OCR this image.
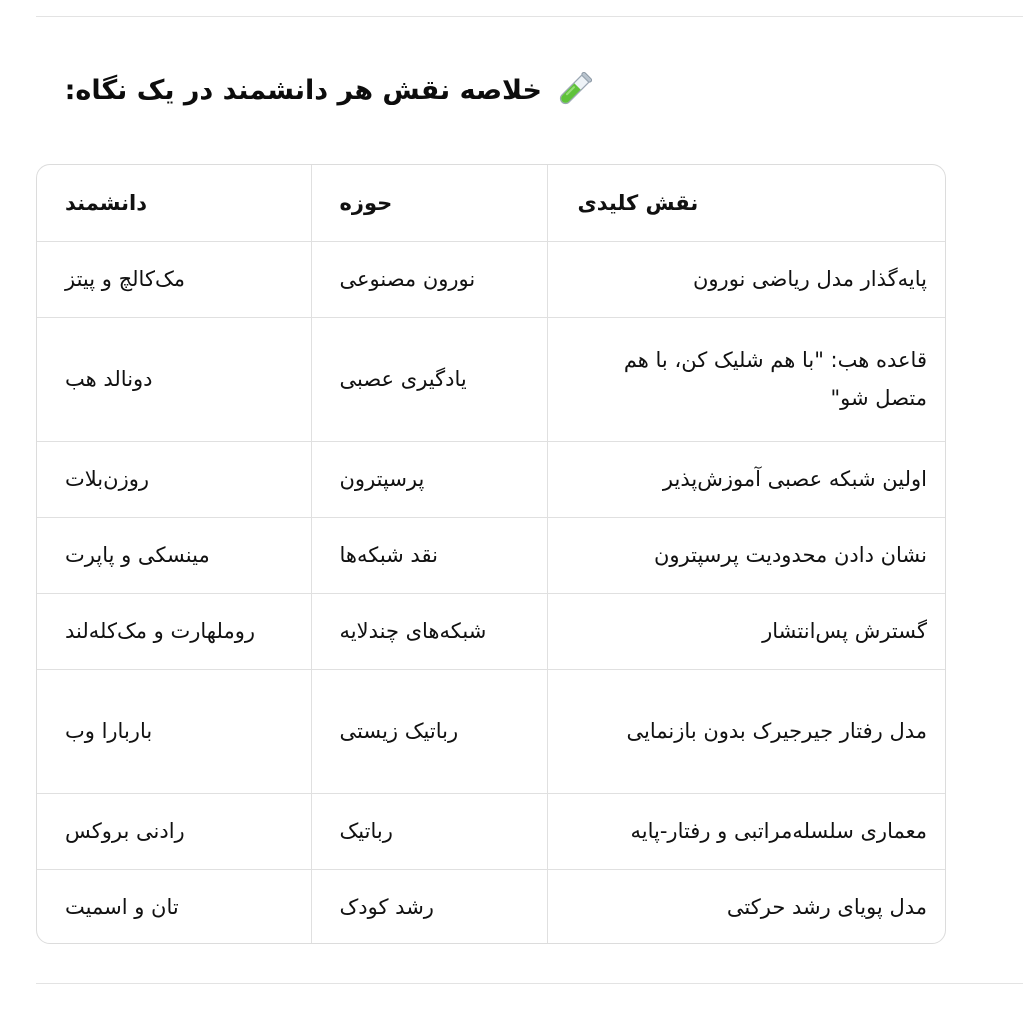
خلاصه نقش هر دانشمند در یک نگاه:
دانشمند	حوزه	نقش کلیدی
مک‌کالچ و پیتز	نورون مصنوعی	پایه‌گذار مدل ریاضی نورون
دونالد هب	یادگیری عصبی	قاعده هب: "با هم شلیک کن، با هم متصل شو"
روزن‌بلات	پرسپترون	اولین شبکه عصبی آموزش‌پذیر
مینسکی و پاپرت	نقد شبکه‌ها	نشان دادن محدودیت پرسپترون
روملهارت و مک‌کله‌لند	شبکه‌های چندلایه	گسترش پس‌انتشار
باربارا وب	رباتیک زیستی	مدل رفتار جیرجیرک بدون بازنمایی
رادنی بروکس	رباتیک	معماری سلسله‌مراتبی و رفتار-پایه
تان و اسمیت	رشد کودک	مدل پویای رشد حرکتی
